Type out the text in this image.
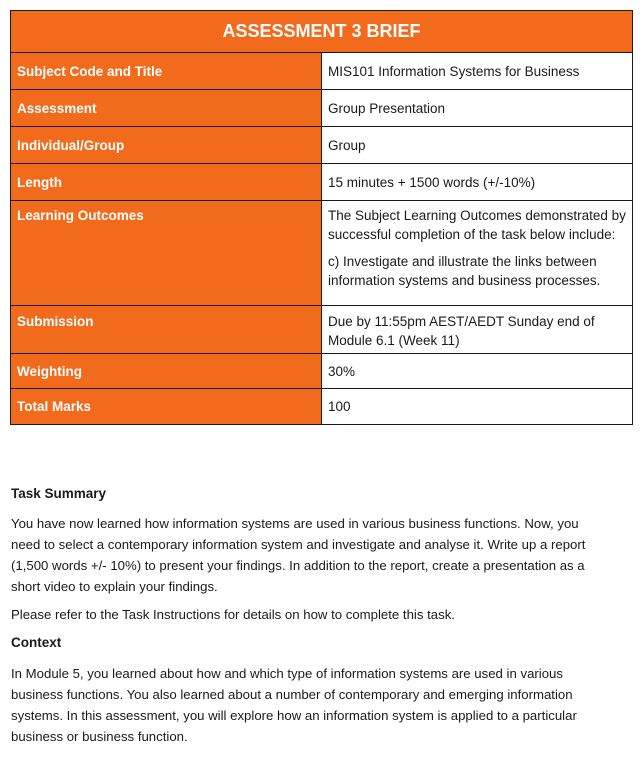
ASSESSMENT 3 BRIEF	
Subject Code and Title	MIS101 Information Systems for Business
Assessment	Group Presentation
Individual/Group	Group
Length	15 minutes + 1500 words (+/-10%)
Learning Outcomes	The Subject Learning Outcomes demonstrated by successful completion of the task below include:

c) Investigate and illustrate the links between information systems and business processes.

Submission	Due by 11:55pm AEST/AEDT Sunday end of Module 6.1 (Week 11)
Weighting	30%
Total Marks	100
Task Summary

You have now learned how information systems are used in various business functions. Now, you need to select a contemporary information system and investigate and analyse it. Write up a report (1,500 words +/- 10%) to present your findings. In addition to the report, create a presentation as a short video to explain your findings.

Please refer to the Task Instructions for details on how to complete this task.

Context

In Module 5, you learned about how and which type of information systems are used in various business functions. You also learned about a number of contemporary and emerging information systems. In this assessment, you will explore how an information system is applied to a particular business or business function.
